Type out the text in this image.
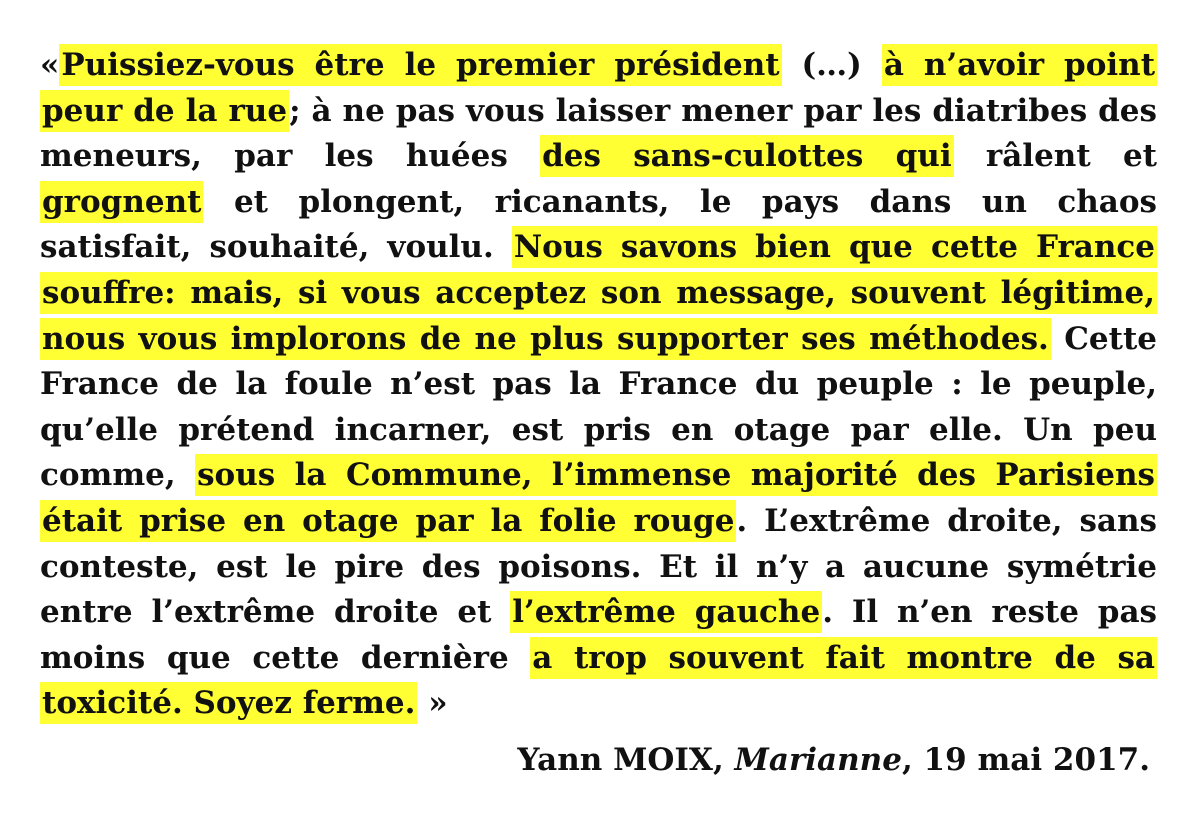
«Puissiez-vous être le premier président (…) à n’avoir point peur de la rue; à ne pas vous laisser mener par les diatribes des meneurs, par les huées des sans-culottes qui râlent et grognent et plongent, ricanants, le pays dans un chaos satisfait, souhaité, voulu. Nous savons bien que cette France souffre: mais, si vous acceptez son message, souvent légitime, nous vous implorons de ne plus supporter ses méthodes. Cette France de la foule n’est pas la France du peuple : le peuple, qu’elle prétend incarner, est pris en otage par elle. Un peu comme, sous la Commune, l’immense majorité des Parisiens était prise en otage par la folie rouge. L’extrême droite, sans conteste, est le pire des poisons. Et il n’y a aucune symétrie entre l’extrême droite et l’extrême gauche. Il n’en reste pas moins que cette dernière a trop souvent fait montre de sa toxicité. Soyez ferme. »

Yann MOIX, Marianne, 19 mai 2017.
